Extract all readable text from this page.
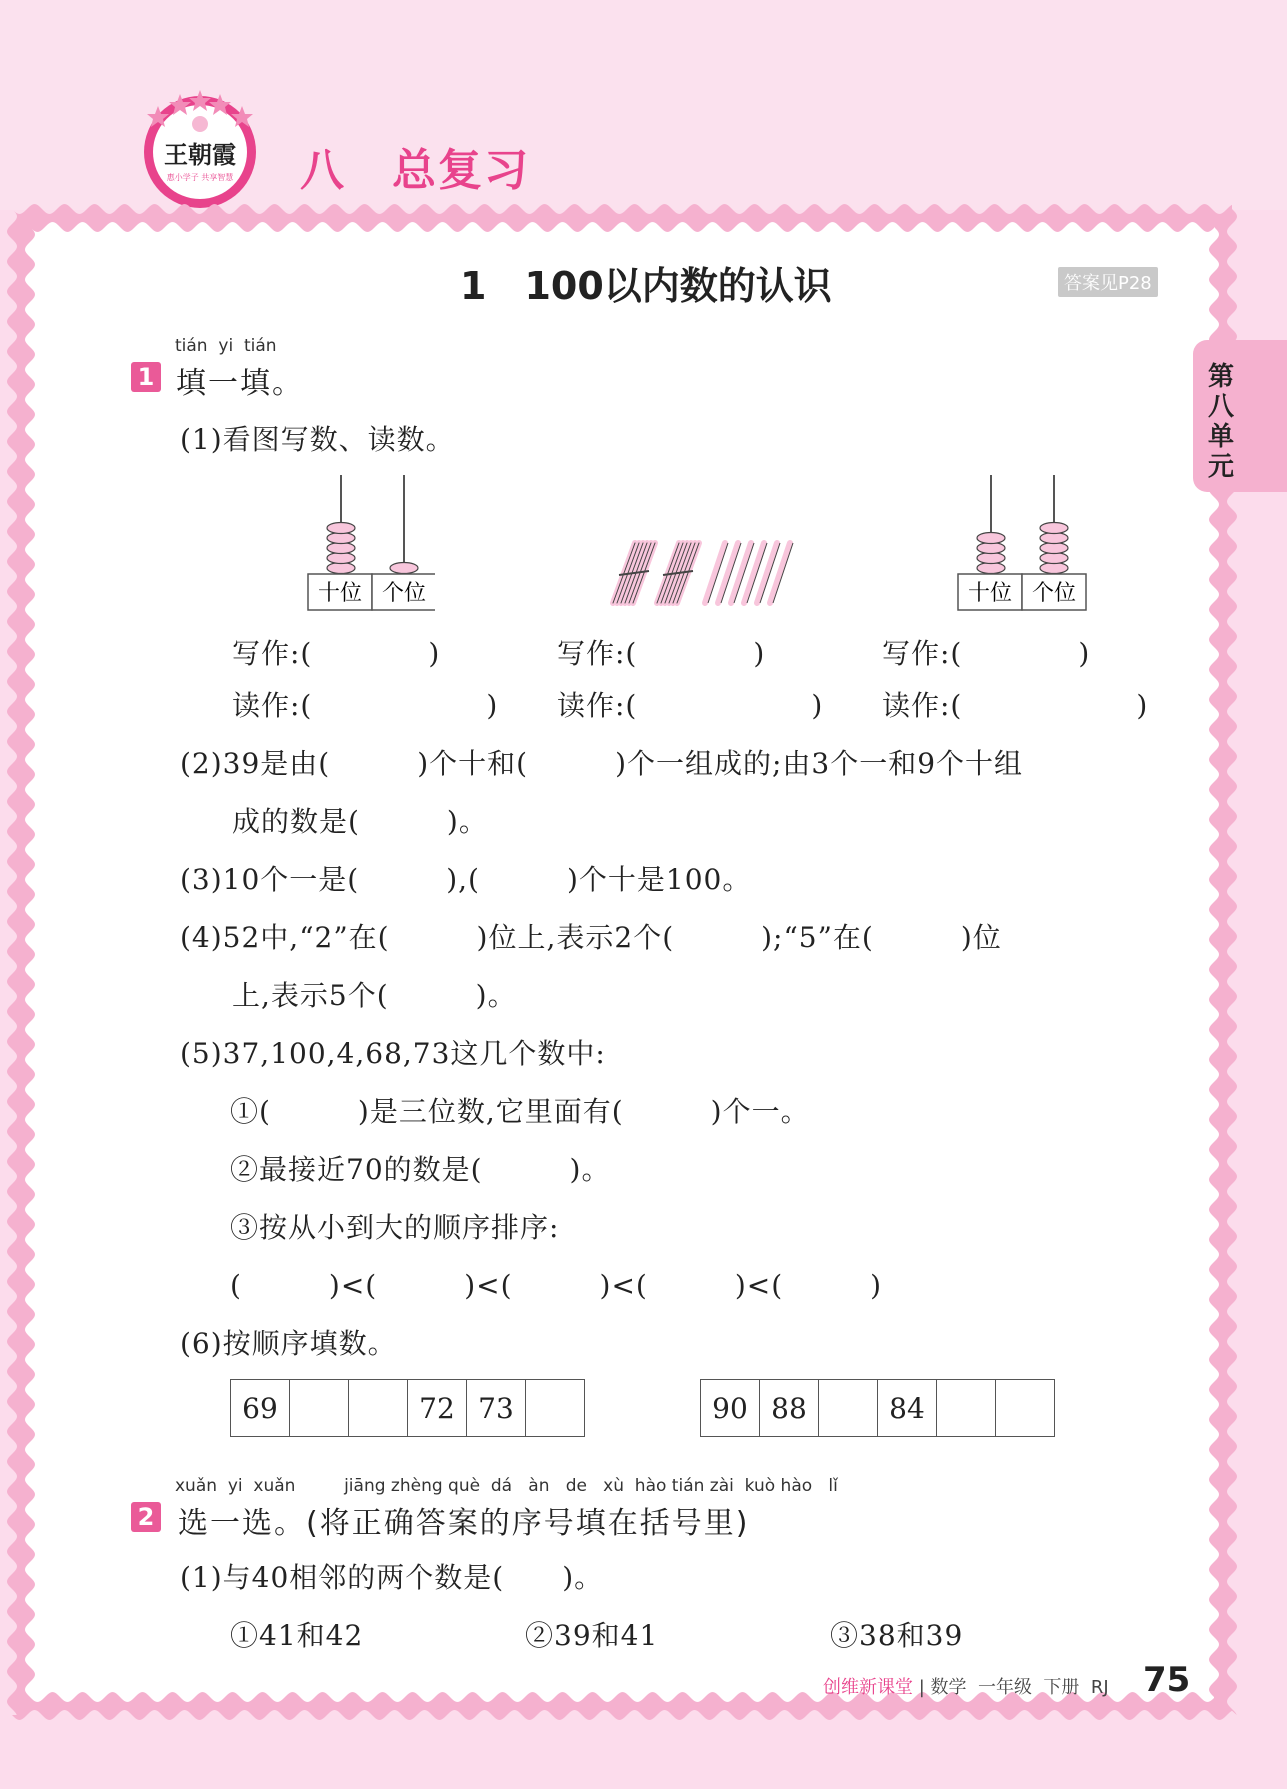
王朝霞
惠小学子 共享智慧 八　总复习
第八单元
1　100以内数的认识	答案见P28
tián  yi  tián
1 填一填。
(1)看图写数、读数。
十位 个位	十位 个位
写作:(　　　　)	写作:(　　　　)	写作:(　　　　)
读作:(　　　　　　) 读作:(　　　　　　) 读作:(　　　　　　)
(2)39是由(　　　)个十和(　　　)个一组成的;由3个一和9个十组
成的数是(　　　)。
(3)10个一是(　　　),(　　　)个十是100。
(4)52中,“2”在(　　　)位上,表示2个(　　　);“5”在(　　　)位
上,表示5个(　　　)。
(5)37,100,4,68,73这几个数中:
①(　　　)是三位数,它里面有(　　　)个一。
②最接近70的数是(　　　)。
③按从小到大的顺序排序:
(　　　)<(　　　)<(　　　)<(　　　)<(　　　)
(6)按顺序填数。
69			72	73		90	88		84		
xuǎn  yi  xuǎn         jiāng zhèng què  dá   àn   de   xù  hào tián zài  kuò hào   lǐ
2 选一选。(将正确答案的序号填在括号里)
(1)与40相邻的两个数是(　　)。
①41和42	②39和41	③38和39
创维新课堂 | 数学  一年级  下册  RJ 75
